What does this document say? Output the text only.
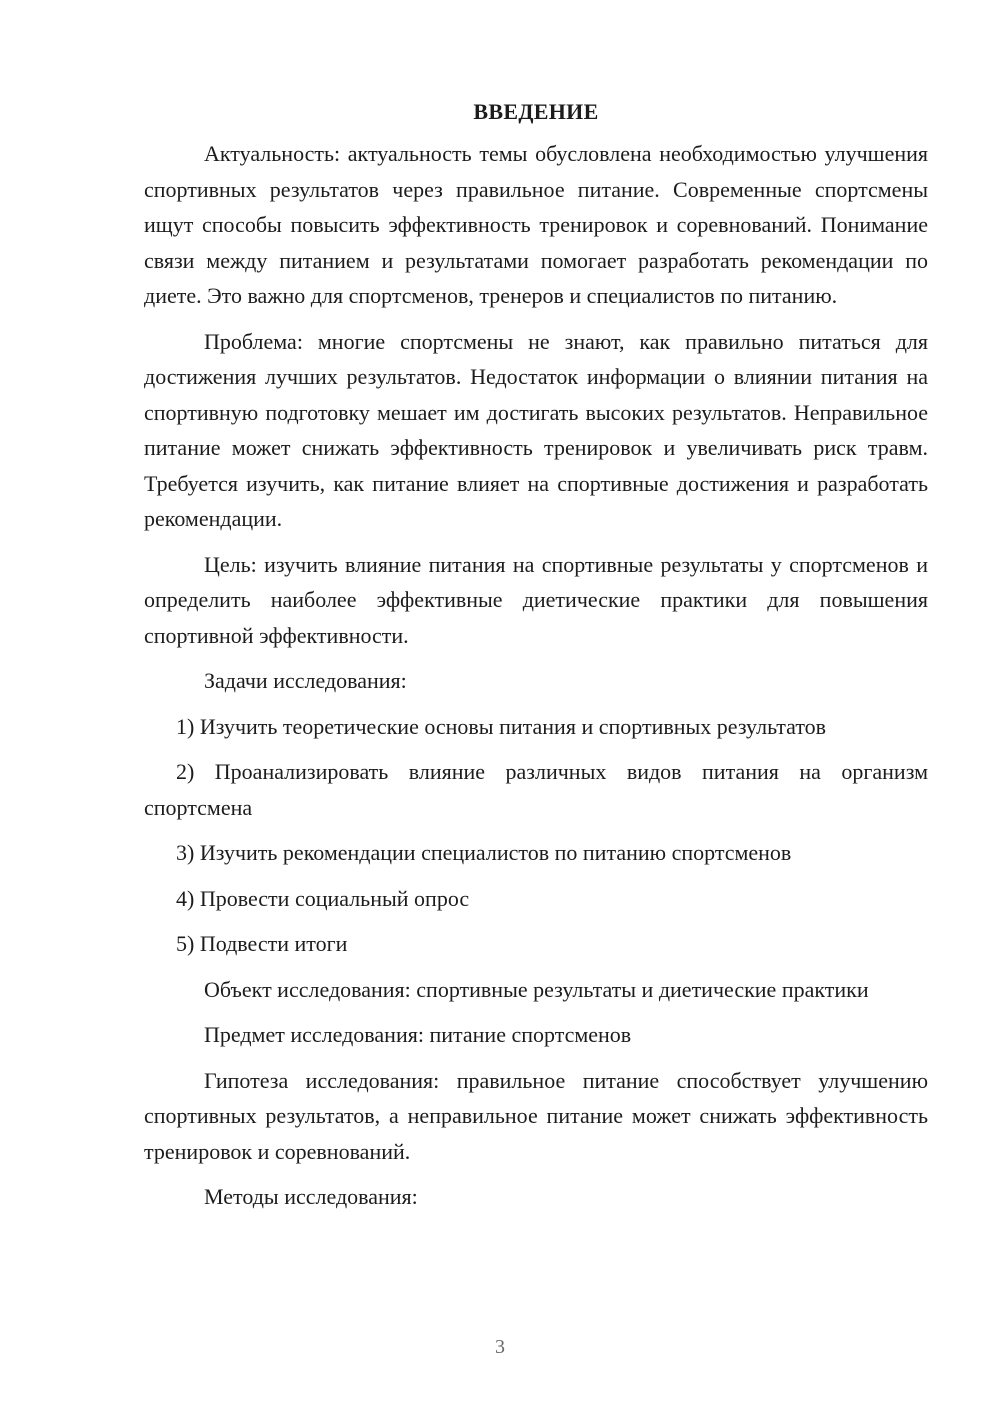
ВВЕДЕНИЕ

Актуальность: актуальность темы обусловлена необходимостью улучшения спортивных результатов через правильное питание. Современные спортсмены ищут способы повысить эффективность тренировок и соревнований. Понимание связи между питанием и результатами помогает разработать рекомендации по диете. Это важно для спортсменов, тренеров и специалистов по питанию.

Проблема: многие спортсмены не знают, как правильно питаться для достижения лучших результатов. Недостаток информации о влиянии питания на спортивную подготовку мешает им достигать высоких результатов. Неправильное питание может снижать эффективность тренировок и увеличивать риск травм. Требуется изучить, как питание влияет на спортивные достижения и разработать рекомендации.

Цель: изучить влияние питания на спортивные результаты у спортсменов и определить наиболее эффективные диетические практики для повышения спортивной эффективности.

Задачи исследования:

1) Изучить теоретические основы питания и спортивных результатов

2) Проанализировать влияние различных видов питания на организм спортсмена

3) Изучить рекомендации специалистов по питанию спортсменов

4) Провести социальный опрос

5) Подвести итоги

Объект исследования: спортивные результаты и диетические практики

Предмет исследования: питание спортсменов

Гипотеза исследования: правильное питание способствует улучшению спортивных результатов, а неправильное питание может снижать эффективность тренировок и соревнований.

Методы исследования:

3
